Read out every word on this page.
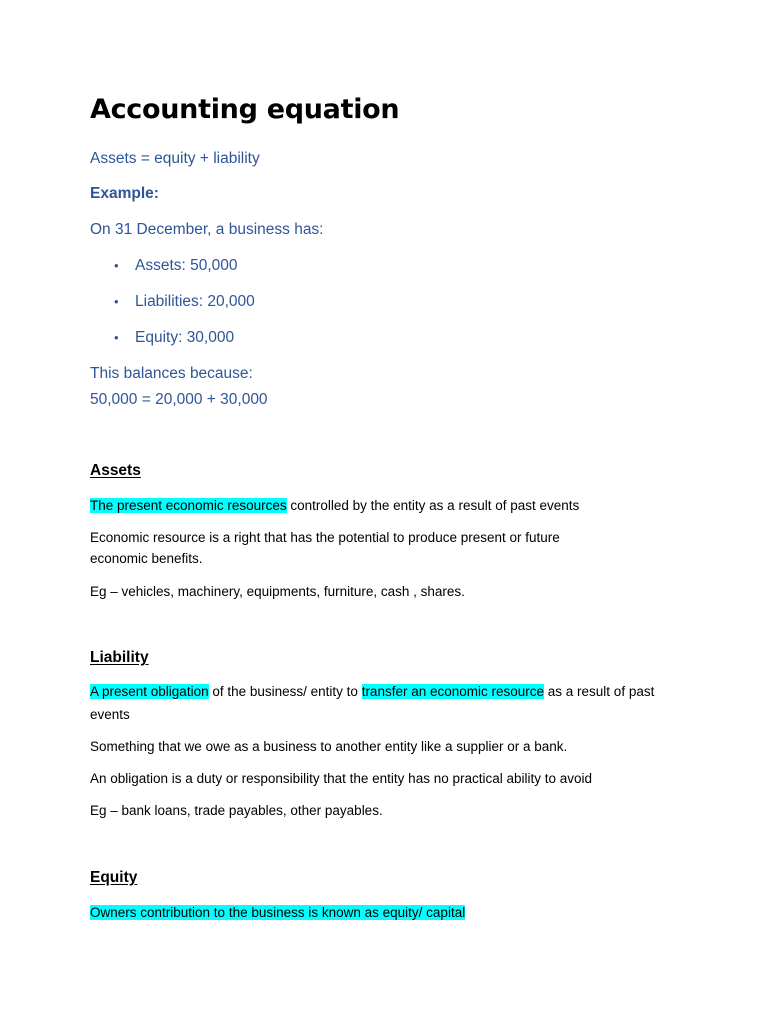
Accounting equation

Assets = equity + liability

Example:

On 31 December, a business has:

• Assets: 50,000
• Liabilities: 20,000
• Equity: 30,000

This balances because:

50,000 = 20,000 + 30,000

Assets

The present economic resources controlled by the entity as a result of past events

Economic resource is a right that has the potential to produce present or future

economic benefits.

Eg – vehicles, machinery, equipments, furniture, cash , shares.

Liability

A present obligation of the business/ entity to transfer an economic resource as a result of past

events

Something that we owe as a business to another entity like a supplier or a bank.

An obligation is a duty or responsibility that the entity has no practical ability to avoid

Eg – bank loans, trade payables, other payables.

Equity

Owners contribution to the business is known as equity/ capital
